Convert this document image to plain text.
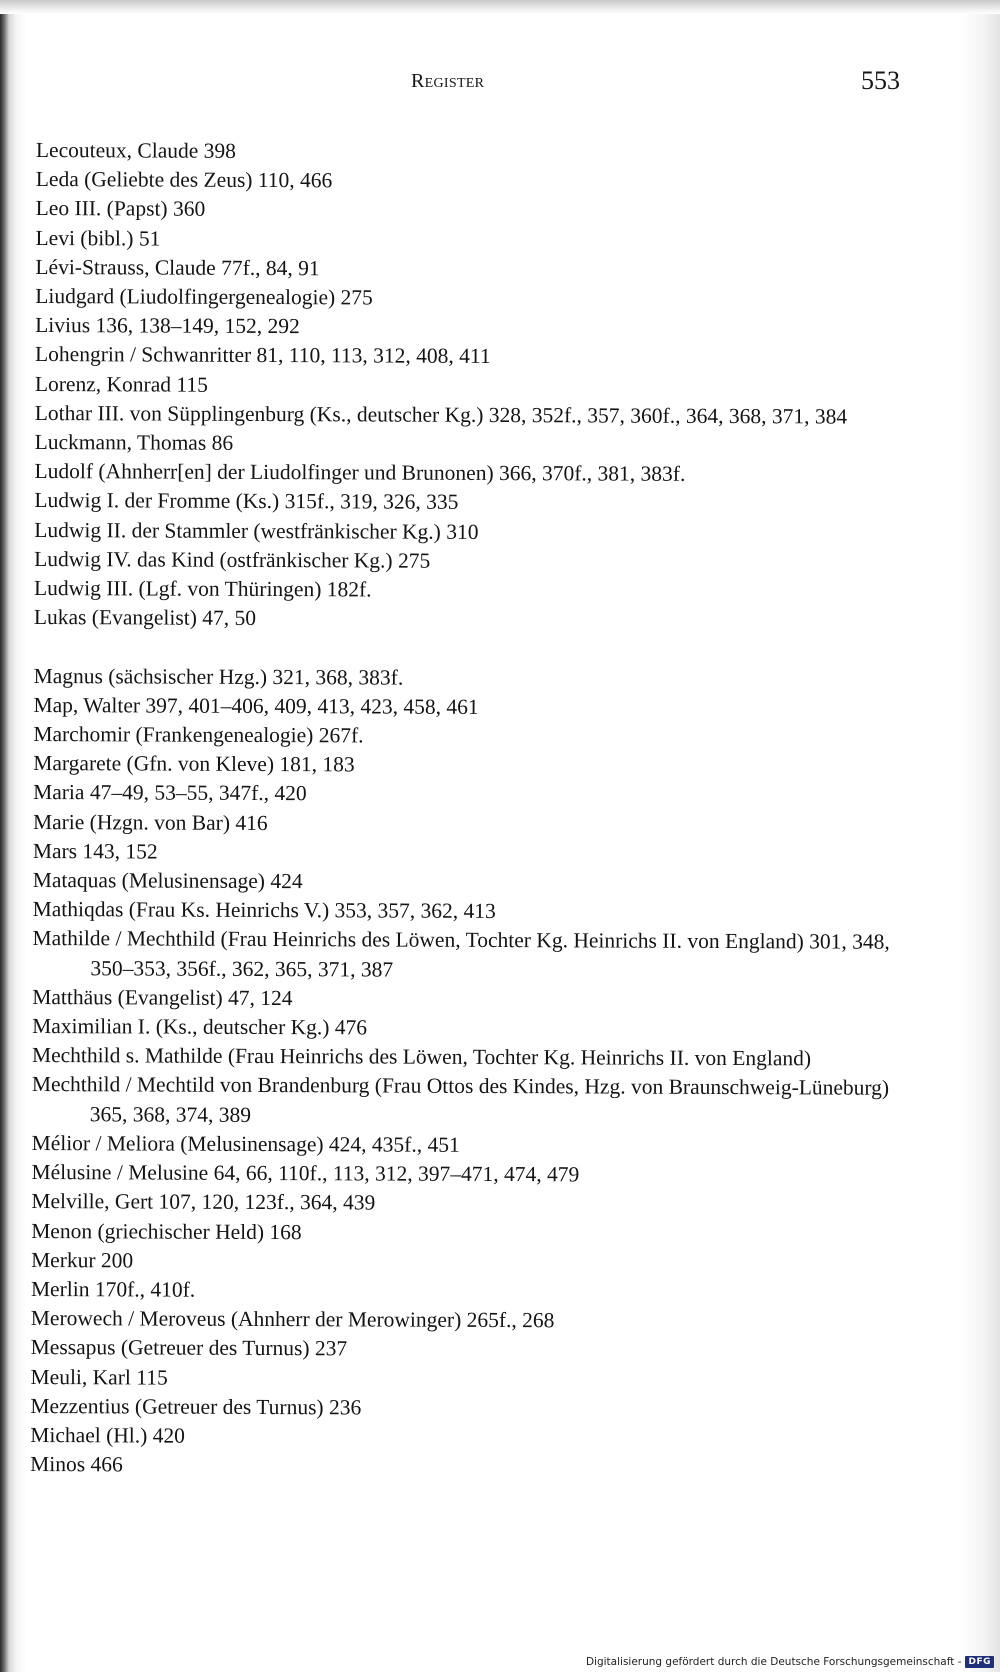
Register	553
Lecouteux, Claude 398
Leda (Geliebte des Zeus) 110, 466
Leo III. (Papst) 360
Levi (bibl.) 51
Lévi-Strauss, Claude 77f., 84, 91
Liudgard (Liudolfingergenealogie) 275
Livius 136, 138–149, 152, 292
Lohengrin / Schwanritter 81, 110, 113, 312, 408, 411
Lorenz, Konrad 115
Lothar III. von Süpplingenburg (Ks., deutscher Kg.) 328, 352f., 357, 360f., 364, 368, 371, 384
Luckmann, Thomas 86
Ludolf (Ahnherr[en] der Liudolfinger und Brunonen) 366, 370f., 381, 383f.
Ludwig I. der Fromme (Ks.) 315f., 319, 326, 335
Ludwig II. der Stammler (westfränkischer Kg.) 310
Ludwig IV. das Kind (ostfränkischer Kg.) 275
Ludwig III. (Lgf. von Thüringen) 182f.
Lukas (Evangelist) 47, 50
Magnus (sächsischer Hzg.) 321, 368, 383f.
Map, Walter 397, 401–406, 409, 413, 423, 458, 461
Marchomir (Frankengenealogie) 267f.
Margarete (Gfn. von Kleve) 181, 183
Maria 47–49, 53–55, 347f., 420
Marie (Hzgn. von Bar) 416
Mars 143, 152
Mataquas (Melusinensage) 424
Mathiqdas (Frau Ks. Heinrichs V.) 353, 357, 362, 413
Mathilde / Mechthild (Frau Heinrichs des Löwen, Tochter Kg. Heinrichs II. von England) 301, 348, 350–353, 356f., 362, 365, 371, 387
Matthäus (Evangelist) 47, 124
Maximilian I. (Ks., deutscher Kg.) 476
Mechthild s. Mathilde (Frau Heinrichs des Löwen, Tochter Kg. Heinrichs II. von England)
Mechthild / Mechtild von Brandenburg (Frau Ottos des Kindes, Hzg. von Braunschweig-Lüneburg) 365, 368, 374, 389
Mélior / Meliora (Melusinensage) 424, 435f., 451
Mélusine / Melusine 64, 66, 110f., 113, 312, 397–471, 474, 479
Melville, Gert 107, 120, 123f., 364, 439
Menon (griechischer Held) 168
Merkur 200
Merlin 170f., 410f.
Merowech / Meroveus (Ahnherr der Merowinger) 265f., 268
Messapus (Getreuer des Turnus) 237
Meuli, Karl 115
Mezzentius (Getreuer des Turnus) 236
Michael (Hl.) 420
Minos 466
Digitalisierung gefördert durch die Deutsche Forschungsgemeinschaft - DFG
